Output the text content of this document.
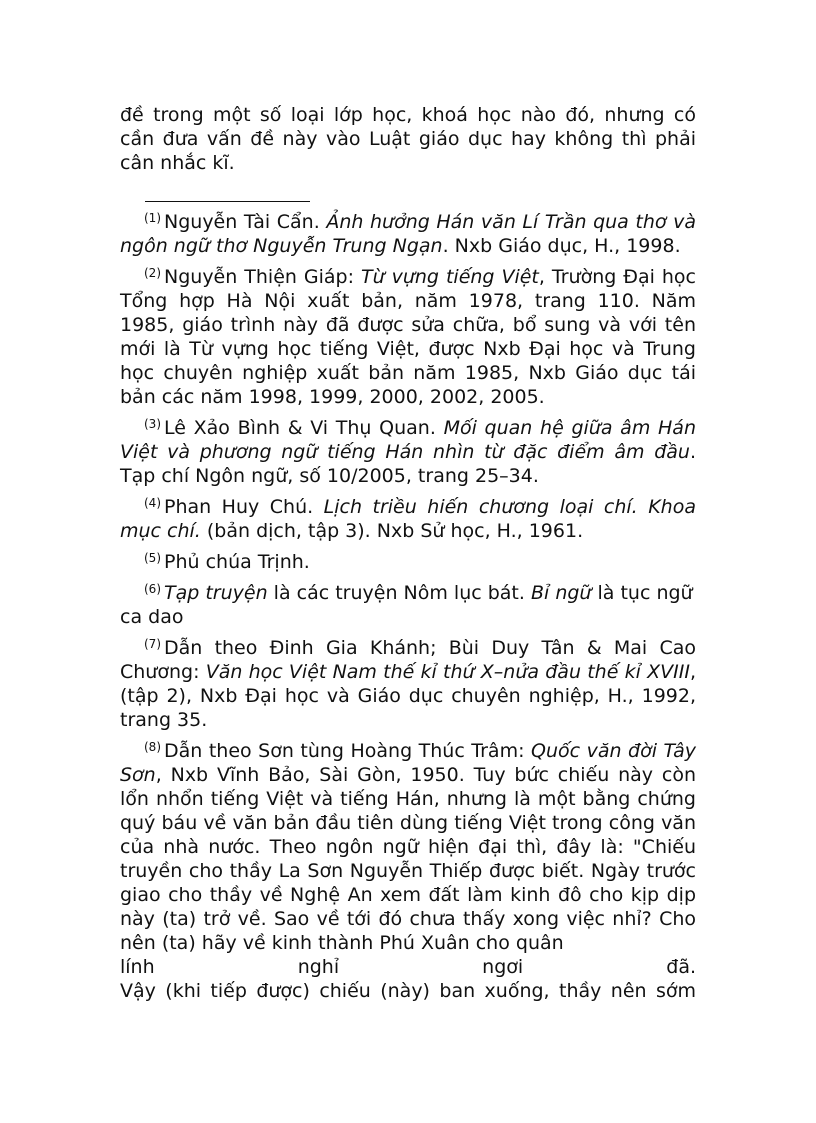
đề trong một số loại lớp học, khoá học nào đó, nhưng có cần đưa vấn đề này vào Luật giáo dục hay không thì phải cân nhắc kĩ.

$^{(1)}$ Nguyễn Tài Cẩn. Ảnh hưởng Hán văn Lí Trần qua thơ và ngôn ngữ thơ Nguyễn Trung Ngạn. Nxb Giáo dục, H., 1998.

$^{(2)}$ Nguyễn Thiện Giáp: Từ vựng tiếng Việt, Trường Đại học Tổng hợp Hà Nội xuất bản, năm 1978, trang 110. Năm 1985, giáo trình này đã được sửa chữa, bổ sung và với tên mới là Từ vựng học tiếng Việt, được Nxb Đại học và Trung học chuyên nghiệp xuất bản năm 1985, Nxb Giáo dục tái bản các năm 1998, 1999, 2000, 2002, 2005.

$^{(3)}$ Lê Xảo Bình & Vi Thụ Quan. Mối quan hệ giữa âm Hán Việt và phương ngữ tiếng Hán nhìn từ đặc điểm âm đầu. Tạp chí Ngôn ngữ, số 10/2005, trang 25–34.

$^{(4)}$ Phan Huy Chú. Lịch triều hiến chương loại chí. Khoa mục chí. (bản dịch, tập 3). Nxb Sử học, H., 1961.

$^{(5)}$ Phủ chúa Trịnh.

$^{(6)}$ Tạp truyện là các truyện Nôm lục bát. Bỉ ngữ là tục ngữ ca dao

$^{(7)}$ Dẫn theo Đinh Gia Khánh; Bùi Duy Tân & Mai Cao Chương: Văn học Việt Nam thế kỉ thứ X–nửa đầu thế kỉ XVIII, (tập 2), Nxb Đại học và Giáo dục chuyên nghiệp, H., 1992, trang 35.

$^{(8)}$ Dẫn theo Sơn tùng Hoàng Thúc Trâm: Quốc văn đời Tây Sơn, Nxb Vĩnh Bảo, Sài Gòn, 1950. Tuy bức chiếu này còn lổn nhổn tiếng Việt và tiếng Hán, nhưng là một bằng chứng quý báu về văn bản đầu tiên dùng tiếng Việt trong công văn của nhà nước. Theo ngôn ngữ hiện đại thì, đây là: "Chiếu truyền cho thầy La Sơn Nguyễn Thiếp được biết. Ngày trước giao cho thầy về Nghệ An xem đất làm kinh đô cho kịp dịp này (ta) trở về. Sao về tới đó chưa thấy xong việc nhỉ? Cho nên (ta) hãy về kinh thành Phú Xuân cho quân

lính nghỉ ngơi đã.

Vậy (khi tiếp được) chiếu (này) ban xuống, thầy nên sớm
